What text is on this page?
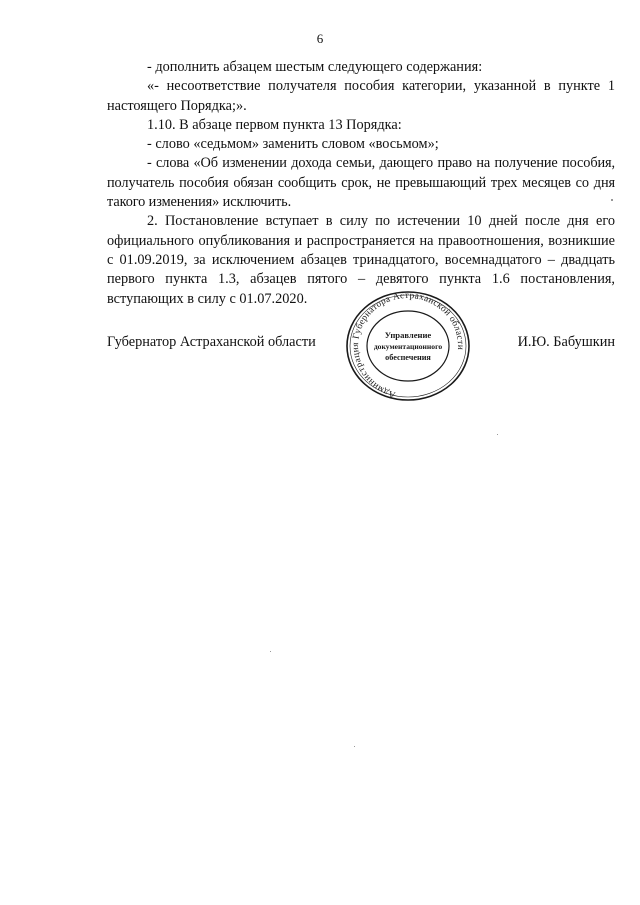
6

- дополнить абзацем шестым следующего содержания:

«- несоответствие получателя пособия категории, указанной в пункте 1 настоящего Порядка;».

1.10. В абзаце первом пункта 13 Порядка:

- слово «седьмом» заменить словом «восьмом»;

- слова «Об изменении дохода семьи, дающего право на получение пособия, получатель пособия обязан сообщить срок, не превышающий трех месяцев со дня такого изменения» исключить.

2. Постановление вступает в силу по истечении 10 дней после дня его официального опубликования и распространяется на правоотношения, возникшие с 01.09.2019, за исключением абзацев тринадцатого, восемнадцатого – двадцать первого пункта 1.3, абзацев пятого – девятого пункта 1.6 постановления, вступающих в силу с 01.07.2020.

Губернатор Астраханской области	И.Ю. Бабушкин
Администрация Губернатора Астраханской области
Управление
документационного
обеспечения
